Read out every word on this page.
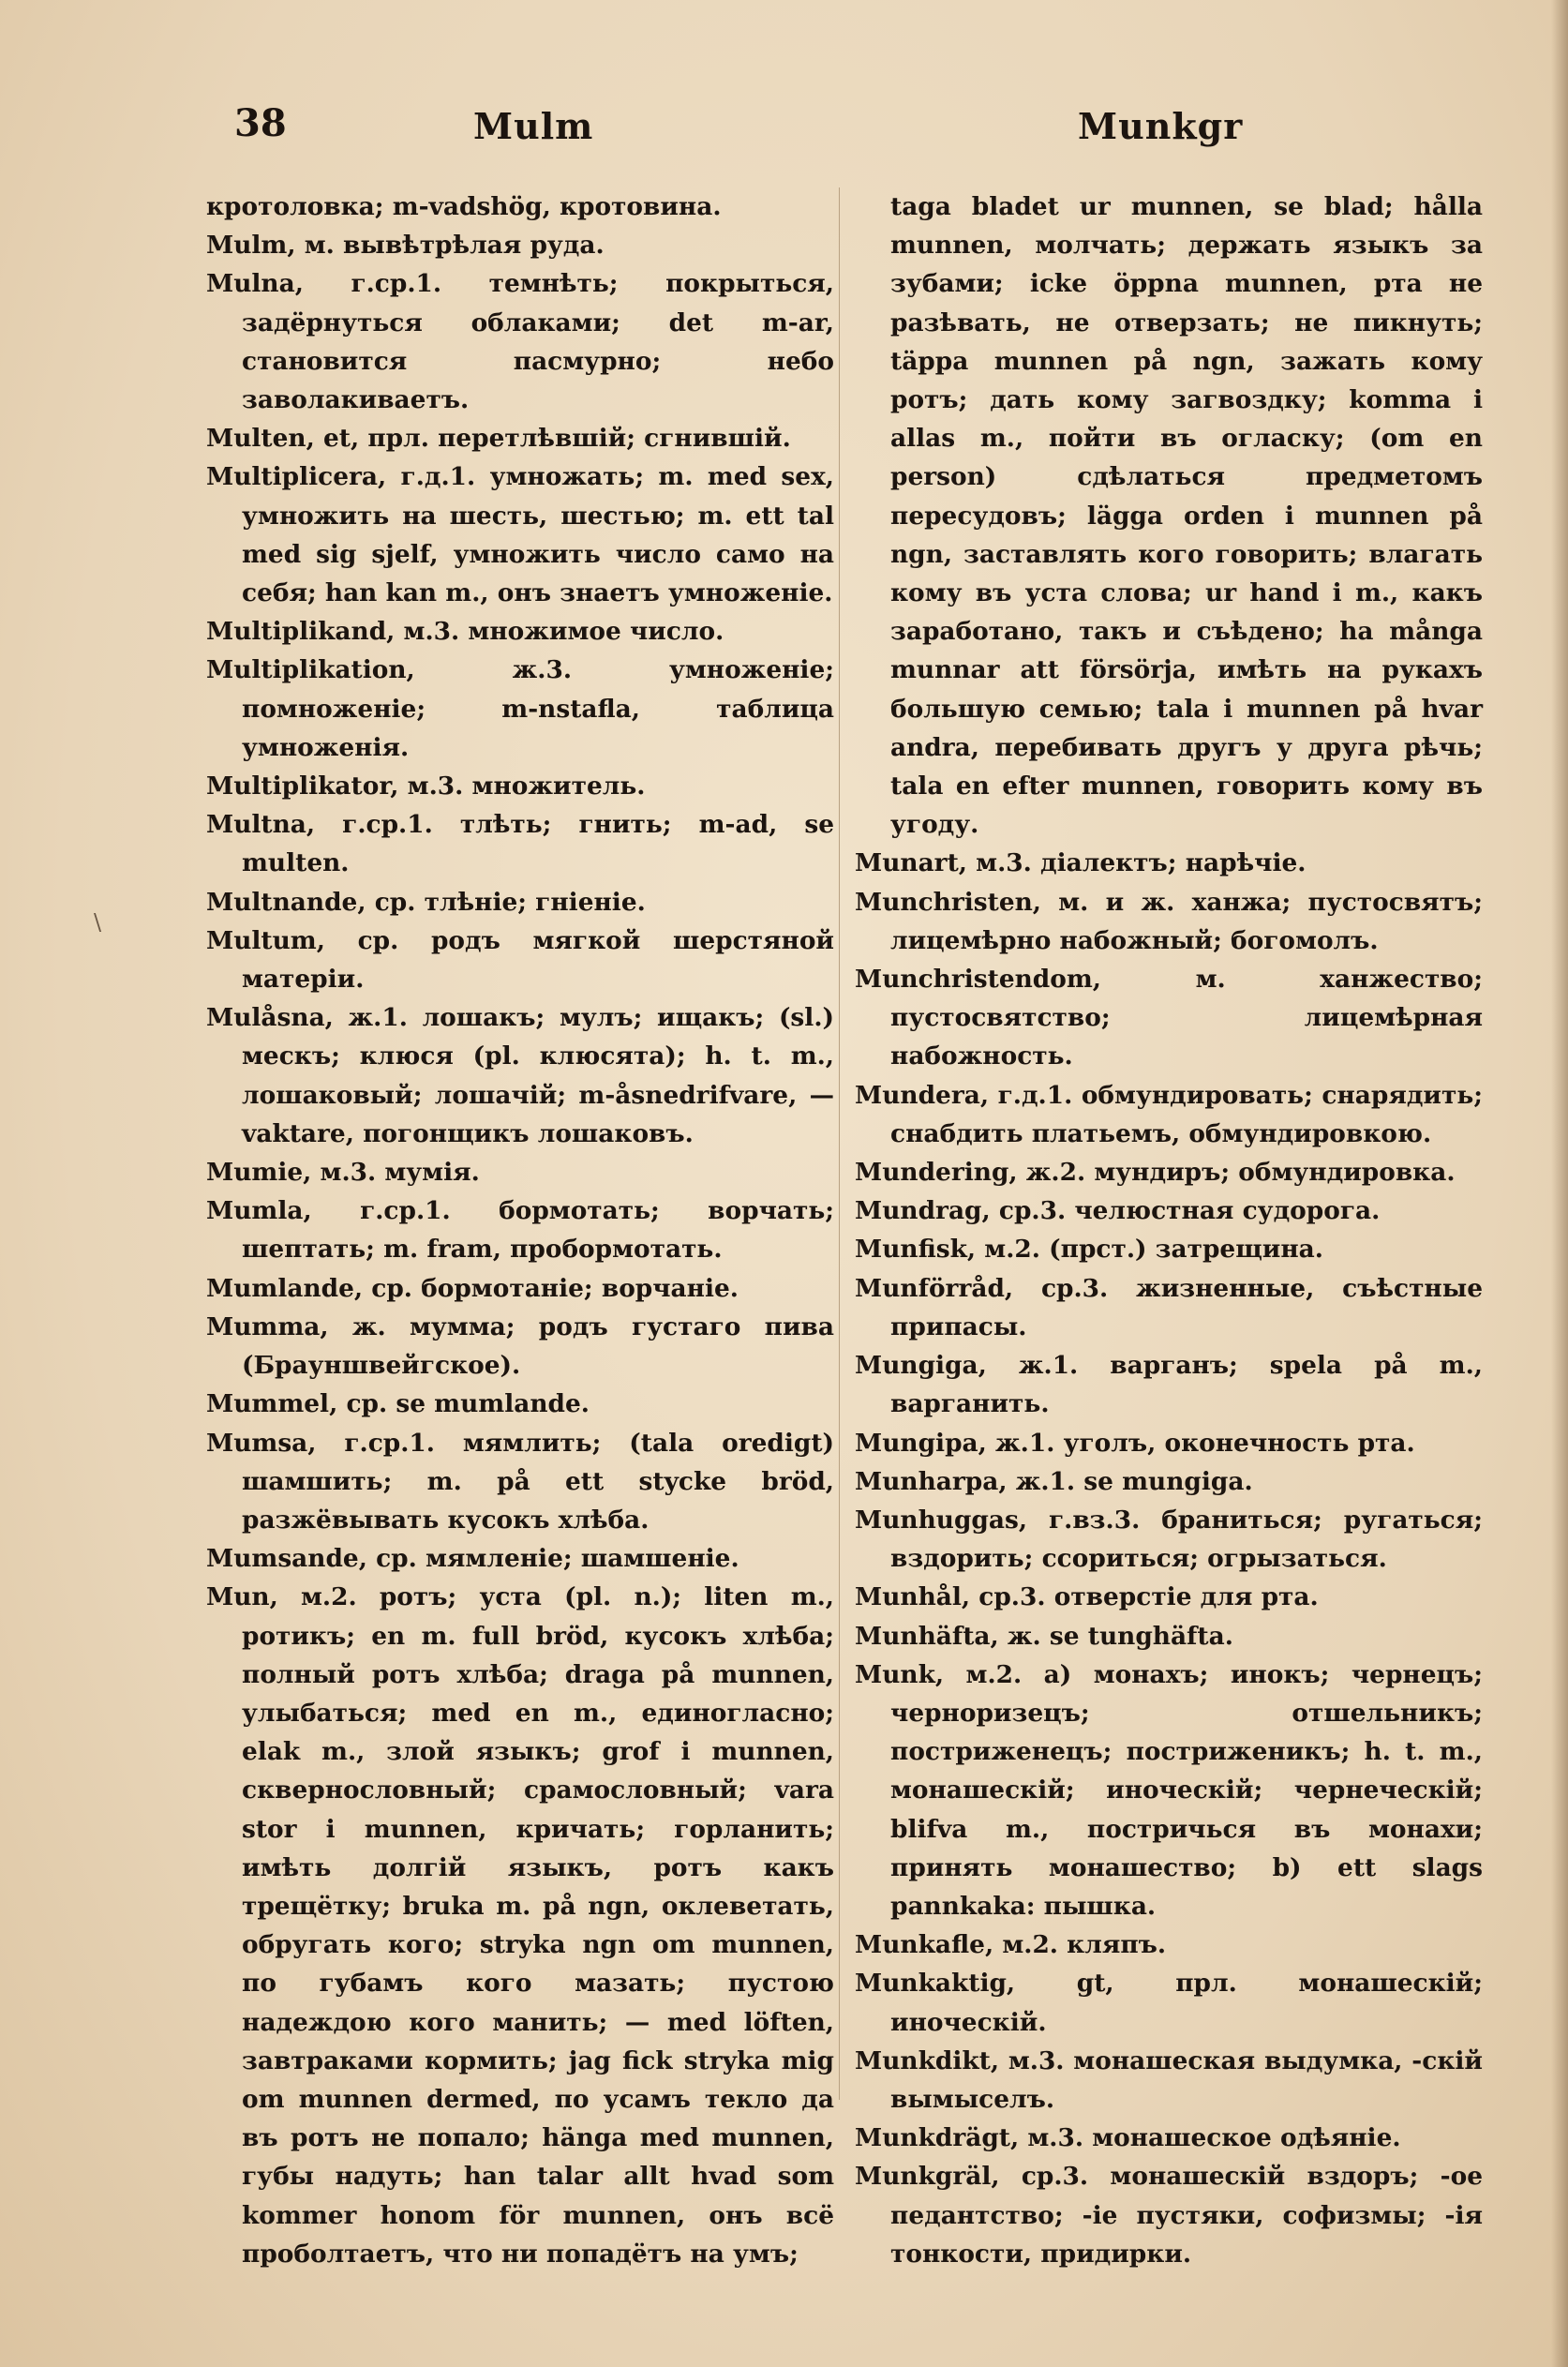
38	Mulm	Munkgr

кротоловка; m-vadshög, кротовина.

Mulm, м. вывѣтрѣлая руда.

Mulna, г.ср.1. темнѣть; покрыться, задёрнуться облаками; det m-ar, становится пасмурно; небо заволакиваетъ.

Multen, et, прл. перетлѣвшій; сгнившій.

Multiplicera, г.д.1. умножать; m. med sex, умножить на шесть, шестью; m. ett tal med sig sjelf, умножить число само на себя; han kan m., онъ знаетъ умноженіе.

Multiplikand, м.3. множимое число.

Multiplikation, ж.3. умноженіе; помноженіе; m-nstafla, таблица умноженія.

Multiplikator, м.3. множитель.

Multna, г.ср.1. тлѣть; гнить; m-ad, se multen.

Multnande, ср. тлѣніе; гніеніе.

Multum, ср. родъ мягкой шерстяной матеріи.

Mulåsna, ж.1. лошакъ; мулъ; ищакъ; (sl.) мескъ; клюся (pl. клюсята); h. t. m., лошаковый; лошачій; m-åsnedrifvare, — vaktare, погонщикъ лошаковъ.

Mumie, м.3. мумія.

Mumla, г.ср.1. бормотать; ворчать; шептать; m. fram, пробормотать.

Mumlande, ср. бормотаніе; ворчаніе.

Mumma, ж. мумма; родъ густаго пива (Брауншвейгское).

Mummel, ср. se mumlande.

Mumsa, г.ср.1. мямлить; (tala oredigt) шамшить; m. på ett stycke bröd, разжёвывать кусокъ хлѣба.

Mumsande, ср. мямленіе; шамшеніе.

Mun, м.2. ротъ; уста (pl. n.); liten m., ротикъ; en m. full bröd, кусокъ хлѣба; полный ротъ хлѣба; draga på munnen, улыбаться; med en m., единогласно; elak m., злой языкъ; grof i munnen, сквернословный; срамословный; vara stor i munnen, кричать; горланить; имѣть долгій языкъ, ротъ какъ трещётку; bruka m. på ngn, оклеветать, обругать кого; stryka ngn om munnen, по губамъ кого мазать; пустою надеждою кого манить; — med löften, завтраками кормить; jag fick stryka mig om munnen dermed, по усамъ текло да въ ротъ не попало; hänga med munnen, губы надуть; han talar allt hvad som kommer honom för munnen, онъ всё проболтаетъ, что ни попадётъ на умъ;

taga bladet ur munnen, se blad; hålla munnen, молчать; держать языкъ за зубами; icke öppna munnen, рта не разѣвать, не отверзать; не пикнуть; täppa munnen på ngn, зажать кому ротъ; дать кому загвоздку; komma i allas m., пойти въ огласку; (om en person) сдѣлаться предметомъ пересудовъ; lägga orden i munnen på ngn, заставлять кого говорить; влагать кому въ уста слова; ur hand i m., какъ заработано, такъ и съѣдено; ha många munnar att försörja, имѣть на рукахъ большую семью; tala i munnen på hvar andra, перебивать другъ у друга рѣчь; tala en efter munnen, говорить кому въ угоду.

Munart, м.3. діалектъ; нарѣчіе.

Munchristen, м. и ж. ханжа; пустосвятъ; лицемѣрно набожный; богомолъ.

Munchristendom, м. ханжество; пустосвятство; лицемѣрная набожность.

Mundera, г.д.1. обмундировать; снарядить; снабдить платьемъ, обмундировкою.

Mundering, ж.2. мундиръ; обмундировка.

Mundrag, ср.3. челюстная судорога.

Munfisk, м.2. (прст.) затрещина.

Munförråd, ср.3. жизненные, съѣстные припасы.

Mungiga, ж.1. варганъ; spela på m., варганить.

Mungipa, ж.1. уголъ, оконечность рта.

Munharpa, ж.1. se mungiga.

Munhuggas, г.вз.3. браниться; ругаться; вздорить; ссориться; огрызаться.

Munhål, ср.3. отверстіе для рта.

Munhäfta, ж. se tunghäfta.

Munk, м.2. a) монахъ; инокъ; чернецъ; черноризецъ; отшельникъ; постриженецъ; постриженикъ; h. t. m., монашескій; иноческій; чернеческій; blifva m., постричься въ монахи; принять монашество; b) ett slags pannkaka: пышка.

Munkafle, м.2. кляпъ.

Munkaktig, gt, прл. монашескій; иноческій.

Munkdikt, м.3. монашеская выдумка, -скій вымыселъ.

Munkdrägt, м.3. монашеское одѣяніе.

Munkgräl, ср.3. монашескій вздоръ; -ое педантство; -іе пустяки, софизмы; -ія тонкости, придирки.

\
